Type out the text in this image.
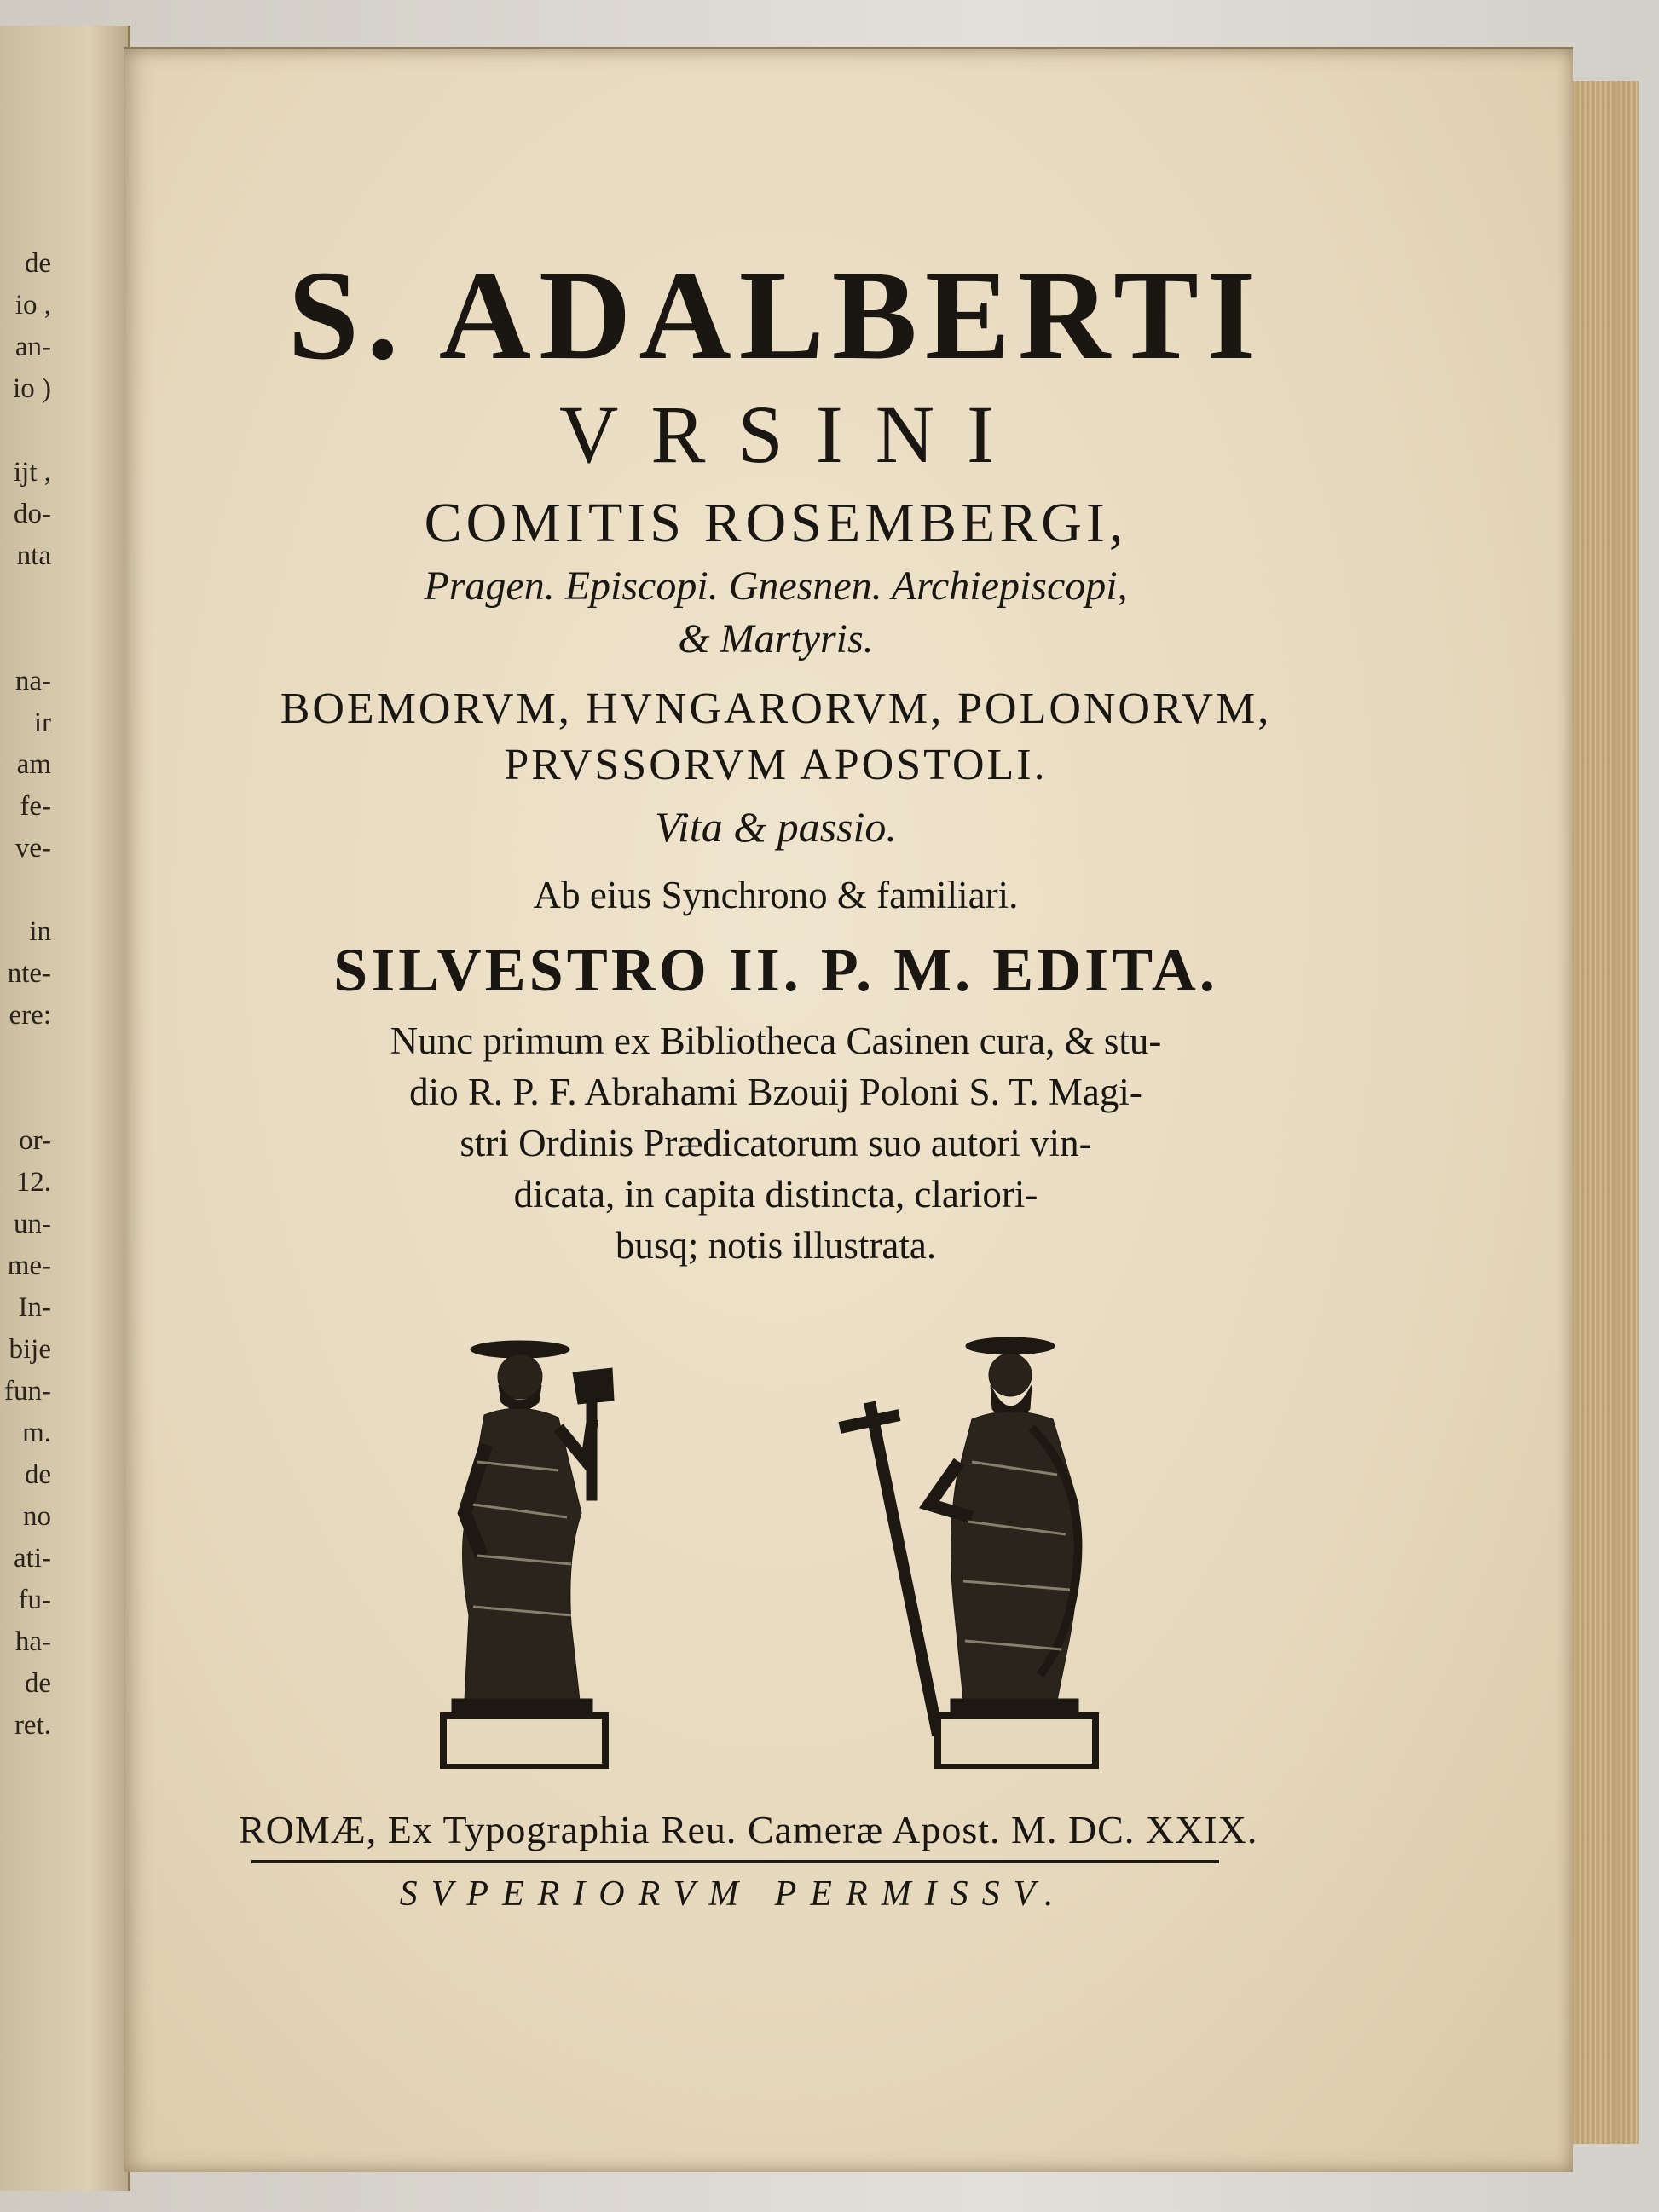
de
io ,
an-
io )
ijt ,
do-
nta
na-
ir
am
fe-
ve-
in
nte-
ere:
or-
12.
un-
me-
In-
bije
fun-
m.
de
no
ati-
fu-
ha-
de
ret.

S. ADALBERTI

VRSINI

COMITIS ROSEMBERGI,

Pragen. Episcopi. Gnesnen. Archiepiscopi,

& Martyris.

BOEMORVM, HVNGARORVM, POLONORVM,

PRVSSORVM APOSTOLI.

Vita & passio.

Ab eius Synchrono & familiari.

SILVESTRO II. P. M. EDITA.

Nunc primum ex Bibliotheca Casinen cura, & stu-
dio R. P. F. Abrahami Bzouij Poloni S. T. Magi-
stri Ordinis Prædicatorum suo autori vin-
dicata, in capita distincta, clariori-
busq; notis illustrata.
ROMÆ, Ex Typographia Reu. Cameræ Apost. M. DC. XXIX.
SVPERIORVM PERMISSV.
